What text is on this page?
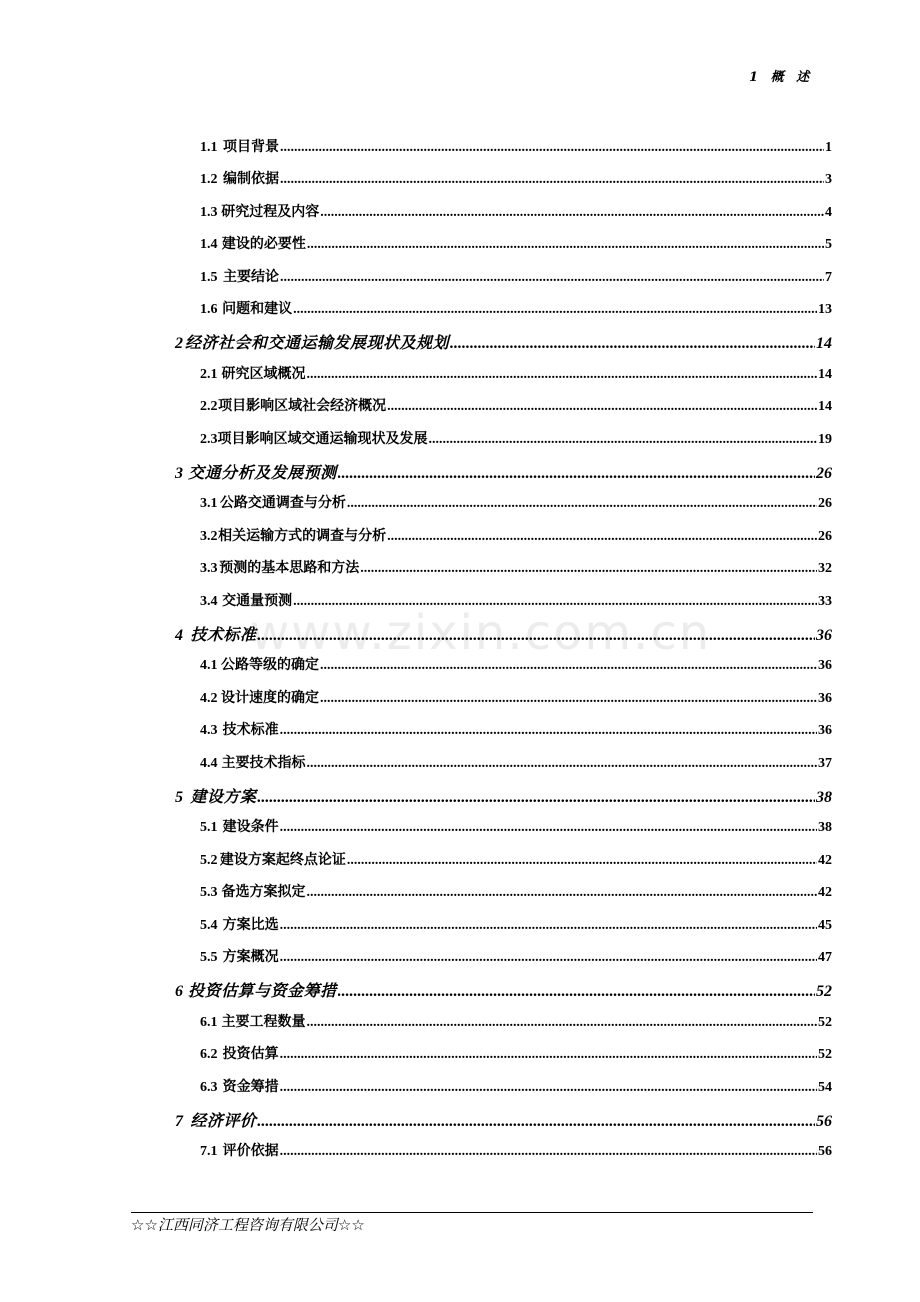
1 概 述
www.zixin.com.cn
1.1 项目背景 .....	1
1.2 编制依据 .....	3
1.3 研究过程及内容 .....	4
1.4 建设的必要性 .....	5
1.5 主要结论 .....	7
1.6 问题和建议 .....	13
2 经济社会和交通运输发展现状及规划 .....	14
2.1 研究区域概况 .....	14
2.2 项目影响区域社会经济概况 .....	14
2.3 项目影响区域交通运输现状及发展 .....	19
3 交通分析及发展预测 .....	26
3.1 公路交通调查与分析 .....	26
3.2 相关运输方式的调查与分析 .....	26
3.3 预测的基本思路和方法 .....	32
3.4 交通量预测 .....	33
4 技术标准 .....	36
4.1 公路等级的确定 .....	36
4.2 设计速度的确定 .....	36
4.3 技术标准 .....	36
4.4 主要技术指标 .....	37
5 建设方案 .....	38
5.1 建设条件 .....	38
5.2 建设方案起终点论证 .....	42
5.3 备选方案拟定 .....	42
5.4 方案比选 .....	45
5.5 方案概况 .....	47
6 投资估算与资金筹措 .....	52
6.1 主要工程数量 .....	52
6.2 投资估算 .....	52
6.3 资金筹措 .....	54
7 经济评价 .....	56
7.1 评价依据 .....	56
☆☆江西同济工程咨询有限公司☆☆
